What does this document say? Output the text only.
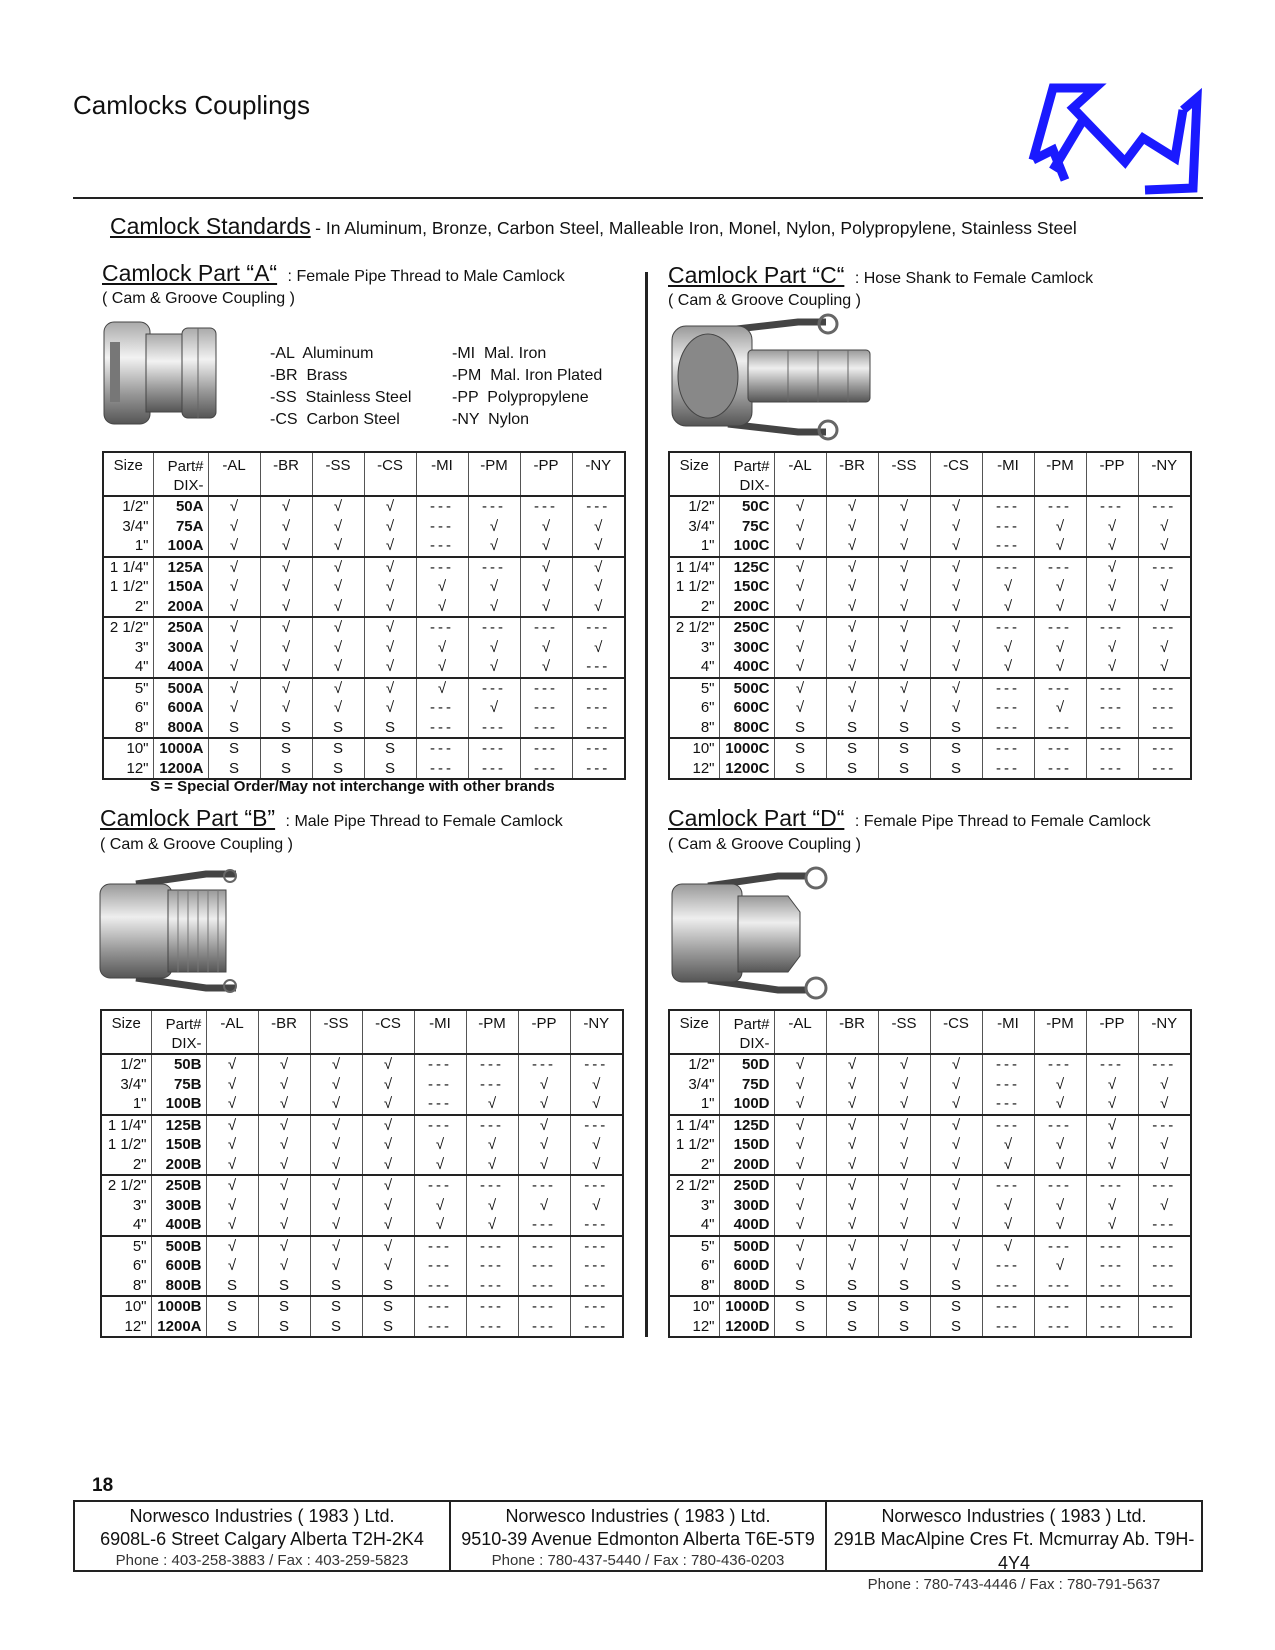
Camlocks Couplings
Camlock Standards - In Aluminum, Bronze, Carbon Steel, Malleable Iron, Monel, Nylon, Polypropylene, Stainless Steel
Camlock Part “A“ : Female Pipe Thread to Male Camlock
( Cam & Groove Coupling )
-AL  Aluminum	-MI  Mal. Iron
-BR  Brass	-PM  Mal. Iron Plated
-SS  Stainless Steel	-PP  Polypropylene
-CS  Carbon Steel	-NY  Nylon
Size	Part#
DIX-	-AL	-BR	-SS	-CS	-MI	-PM	-PP	-NY
1/2"	50A	√	√	√	√	---	---	---	---
3/4"	75A	√	√	√	√	---	√	√	√
1"	100A	√	√	√	√	---	√	√	√
1 1/4"	125A	√	√	√	√	---	---	√	√
1 1/2"	150A	√	√	√	√	√	√	√	√
2"	200A	√	√	√	√	√	√	√	√
2 1/2"	250A	√	√	√	√	---	---	---	---
3"	300A	√	√	√	√	√	√	√	√
4"	400A	√	√	√	√	√	√	√	---
5"	500A	√	√	√	√	√	---	---	---
6"	600A	√	√	√	√	---	√	---	---
8"	800A	S	S	S	S	---	---	---	---
10"	1000A	S	S	S	S	---	---	---	---
12"	1200A	S	S	S	S	---	---	---	---
S = Special Order/May not interchange with other brands
Camlock Part “B” : Male Pipe Thread to Female Camlock
( Cam & Groove Coupling )
Size	Part#
DIX-	-AL	-BR	-SS	-CS	-MI	-PM	-PP	-NY
1/2"	50B	√	√	√	√	---	---	---	---
3/4"	75B	√	√	√	√	---	---	√	√
1"	100B	√	√	√	√	---	√	√	√
1 1/4"	125B	√	√	√	√	---	---	√	---
1 1/2"	150B	√	√	√	√	√	√	√	√
2"	200B	√	√	√	√	√	√	√	√
2 1/2"	250B	√	√	√	√	---	---	---	---
3"	300B	√	√	√	√	√	√	√	√
4"	400B	√	√	√	√	√	√	---	---
5"	500B	√	√	√	√	---	---	---	---
6"	600B	√	√	√	√	---	---	---	---
8"	800B	S	S	S	S	---	---	---	---
10"	1000B	S	S	S	S	---	---	---	---
12"	1200A	S	S	S	S	---	---	---	---
Camlock Part “C“ : Hose Shank to Female Camlock
( Cam & Groove Coupling )
Size	Part#
DIX-	-AL	-BR	-SS	-CS	-MI	-PM	-PP	-NY
1/2"	50C	√	√	√	√	---	---	---	---
3/4"	75C	√	√	√	√	---	√	√	√
1"	100C	√	√	√	√	---	√	√	√
1 1/4"	125C	√	√	√	√	---	---	√	---
1 1/2"	150C	√	√	√	√	√	√	√	√
2"	200C	√	√	√	√	√	√	√	√
2 1/2"	250C	√	√	√	√	---	---	---	---
3"	300C	√	√	√	√	√	√	√	√
4"	400C	√	√	√	√	√	√	√	√
5"	500C	√	√	√	√	---	---	---	---
6"	600C	√	√	√	√	---	√	---	---
8"	800C	S	S	S	S	---	---	---	---
10"	1000C	S	S	S	S	---	---	---	---
12"	1200C	S	S	S	S	---	---	---	---
Camlock Part “D“ : Female Pipe Thread to Female Camlock
( Cam & Groove Coupling )
Size	Part#
DIX-	-AL	-BR	-SS	-CS	-MI	-PM	-PP	-NY
1/2"	50D	√	√	√	√	---	---	---	---
3/4"	75D	√	√	√	√	---	√	√	√
1"	100D	√	√	√	√	---	√	√	√
1 1/4"	125D	√	√	√	√	---	---	√	---
1 1/2"	150D	√	√	√	√	√	√	√	√
2"	200D	√	√	√	√	√	√	√	√
2 1/2"	250D	√	√	√	√	---	---	---	---
3"	300D	√	√	√	√	√	√	√	√
4"	400D	√	√	√	√	√	√	√	---
5"	500D	√	√	√	√	√	---	---	---
6"	600D	√	√	√	√	---	√	---	---
8"	800D	S	S	S	S	---	---	---	---
10"	1000D	S	S	S	S	---	---	---	---
12"	1200D	S	S	S	S	---	---	---	---
18
Norwesco Industries ( 1983 ) Ltd.
6908L-6 Street Calgary Alberta T2H-2K4
Phone : 403-258-3883 / Fax : 403-259-5823
Norwesco Industries ( 1983 ) Ltd.
9510-39 Avenue Edmonton Alberta T6E-5T9
Phone : 780-437-5440 / Fax : 780-436-0203
Norwesco Industries ( 1983 ) Ltd.
291B MacAlpine Cres Ft. Mcmurray Ab. T9H-4Y4
Phone : 780-743-4446 / Fax : 780-791-5637
